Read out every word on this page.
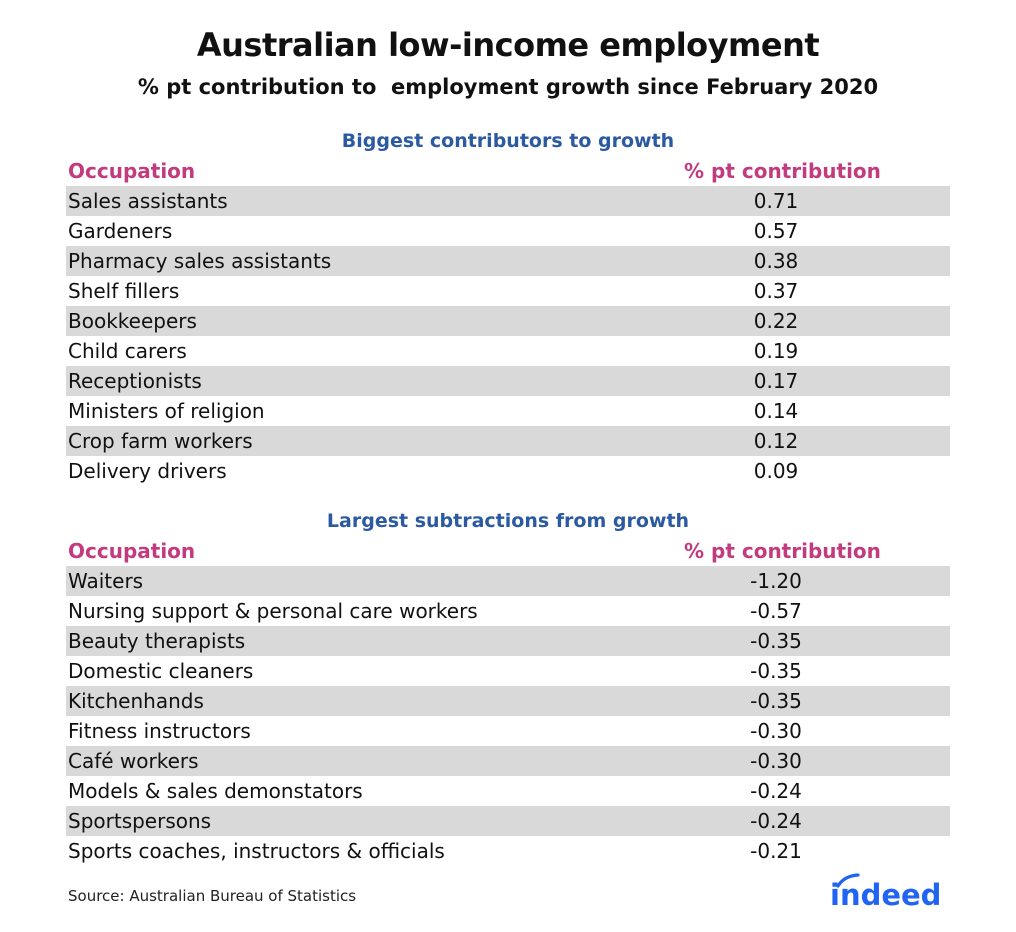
Australian low-income employment
% pt contribution to  employment growth since February 2020
Biggest contributors to growth
Occupation	% pt contribution
Sales assistants	0.71
Gardeners	0.57
Pharmacy sales assistants	0.38
Shelf fillers	0.37
Bookkeepers	0.22
Child carers	0.19
Receptionists	0.17
Ministers of religion	0.14
Crop farm workers	0.12
Delivery drivers	0.09
Largest subtractions from growth
Occupation	% pt contribution
Waiters	-1.20
Nursing support & personal care workers	-0.57
Beauty therapists	-0.35
Domestic cleaners	-0.35
Kitchenhands	-0.35
Fitness instructors	-0.30
Café workers	-0.30
Models & sales demonstators	-0.24
Sportspersons	-0.24
Sports coaches, instructors & officials	-0.21
Source: Australian Bureau of Statistics	indeed
